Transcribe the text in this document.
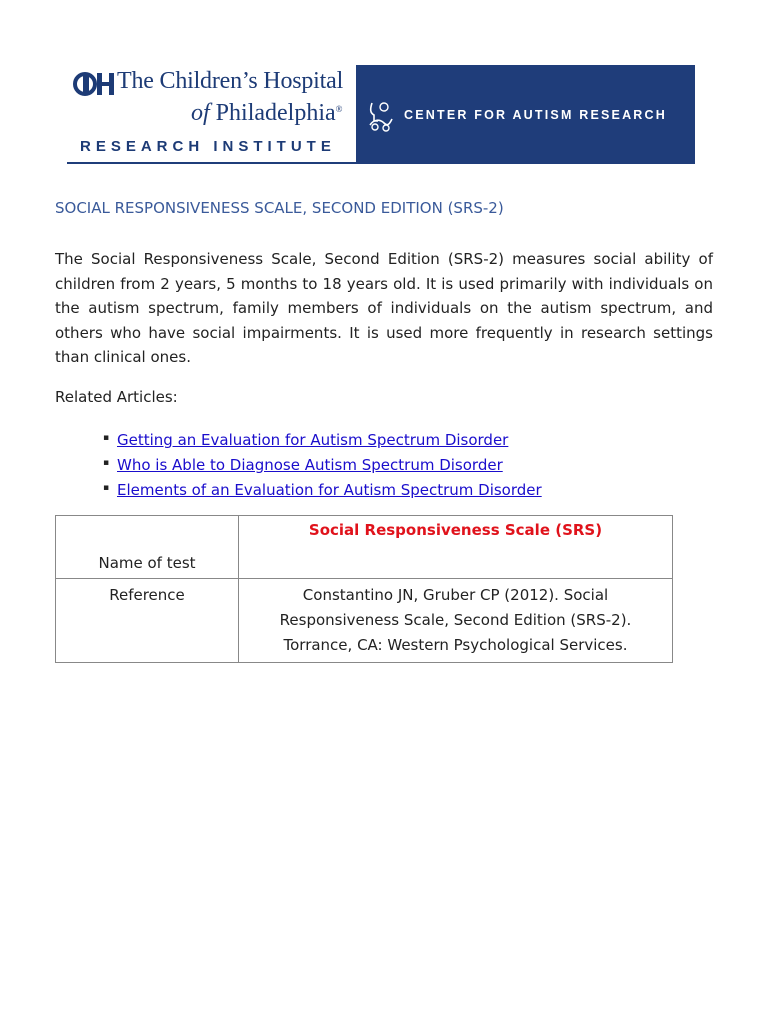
The Children’s Hospital
of Philadelphia®
RESEARCH INSTITUTE
CENTER FOR AUTISM RESEARCH
SOCIAL RESPONSIVENESS SCALE, SECOND EDITION (SRS-2)
The Social Responsiveness Scale, Second Edition (SRS-2) measures social ability of children from 2 years, 5 months to 18 years old. It is used primarily with individuals on the autism spectrum, family members of individuals on the autism spectrum, and others who have social impairments. It is used more frequently in research settings than clinical ones.
Related Articles:
▪ Getting an Evaluation for Autism Spectrum Disorder
▪ Who is Able to Diagnose Autism Spectrum Disorder
▪ Elements of an Evaluation for Autism Spectrum Disorder
Name of test	Social Responsiveness Scale (SRS)
Reference	Constantino JN, Gruber CP (2012). Social Responsiveness Scale, Second Edition (SRS-2). Torrance, CA: Western Psychological Services.
